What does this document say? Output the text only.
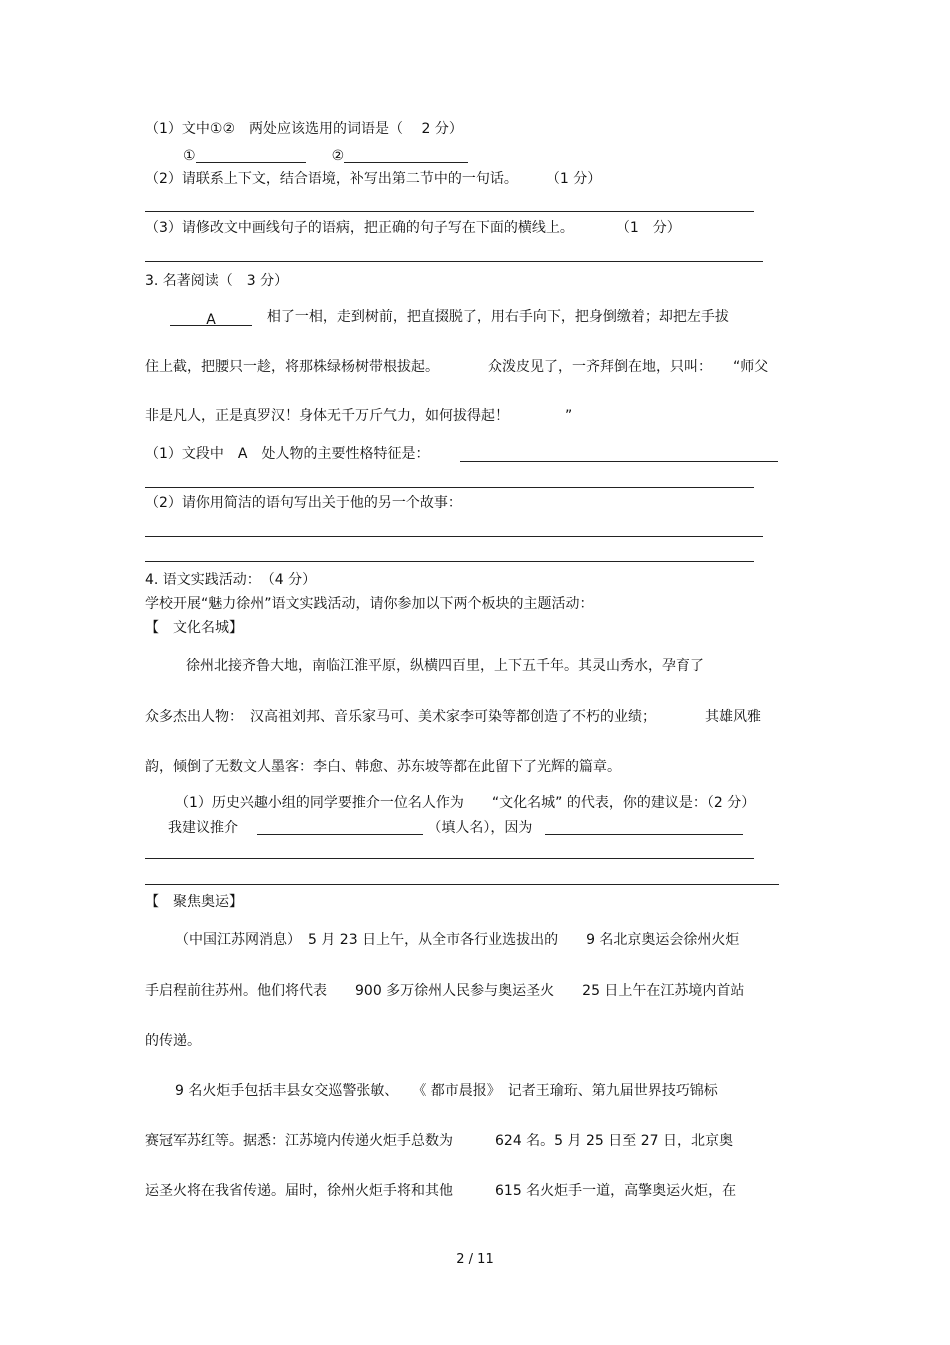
（1）文中①②　两处应该选用的词语是（　 2 分）
①	②
（2）请联系上下文，结合语境，补写出第二节中的一句话。　　　（1 分）
（3）请修改文中画线句子的语病，把正确的句子写在下面的横线上。　　　　（1　分）
3. 名著阅读（　3 分）
A	相了一相，走到树前，把直掇脱了，用右手向下，把身倒缴着；却把左手拔
住上截，把腰只一趁，将那株绿杨树带根拔起。　　　　众泼皮见了，一齐拜倒在地，只叫：　　“师父
非是凡人，正是真罗汉！身体无千万斤气力，如何拔得起！　　　　”
（1）文段中　A　处人物的主要性格特征是：
（2）请你用简洁的语句写出关于他的另一个故事：
4. 语文实践活动：　（4 分）
学校开展“魅力徐州”语文实践活动，请你参加以下两个板块的主题活动：
【　文化名城】
徐州北接齐鲁大地，南临江淮平原，纵横四百里，上下五千年。其灵山秀水，孕育了
众多杰出人物：　汉高祖刘邦、音乐家马可、美术家李可染等都创造了不朽的业绩；　　　　其雄风雅
韵，倾倒了无数文人墨客：李白、韩愈、苏东坡等都在此留下了光辉的篇章。
（1）历史兴趣小组的同学要推介一位名人作为　　“文化名城” 的代表，你的建议是：（2 分）
我建议推介	（填人名），因为
【　聚焦奥运】
（中国江苏网消息）　5 月 23 日上午，从全市各行业选拔出的　　9 名北京奥运会徐州火炬
手启程前往苏州。他们将代表　　900 多万徐州人民参与奥运圣火　　25 日上午在江苏境内首站
的传递。
9 名火炬手包括丰县女交巡警张敏、　　《 都市晨报》　记者王瑜珩、第九届世界技巧锦标
赛冠军苏红等。据悉：江苏境内传递火炬手总数为　　　624 名。5 月 25 日至 27 日，北京奥
运圣火将在我省传递。届时，徐州火炬手将和其他　　　615 名火炬手一道，高擎奥运火炬，在
2 / 11
